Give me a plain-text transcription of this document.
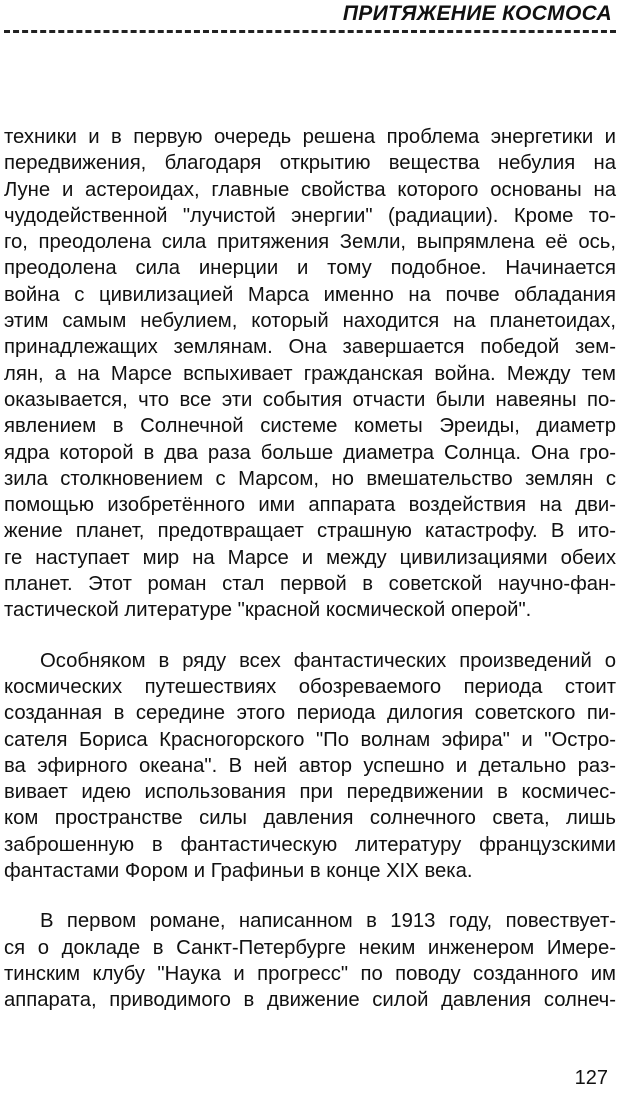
ПРИТЯЖЕНИЕ КОСМОСА
техники и в первую очередь решена проблема энергетики и
передвижения, благодаря открытию вещества небулия на
Луне и астероидах, главные свойства которого основаны на
чудодейственной "лучистой энергии" (радиации). Кроме то-
го, преодолена сила притяжения Земли, выпрямлена её ось,
преодолена сила инерции и тому подобное. Начинается
война с цивилизацией Марса именно на почве обладания
этим самым небулием, который находится на планетоидах,
принадлежащих землянам. Она завершается победой зем-
лян, а на Марсе вспыхивает гражданская война. Между тем
оказывается, что все эти события отчасти были навеяны по-
явлением в Солнечной системе кометы Эреиды, диаметр
ядра которой в два раза больше диаметра Солнца. Она гро-
зила столкновением с Марсом, но вмешательство землян с
помощью изобретённого ими аппарата воздействия на дви-
жение планет, предотвращает страшную катастрофу. В ито-
ге наступает мир на Марсе и между цивилизациями обеих
планет. Этот роман стал первой в советской научно-фан-
тастической литературе "красной космической оперой".
Особняком в ряду всех фантастических произведений о
космических путешествиях обозреваемого периода стоит
созданная в середине этого периода дилогия советского пи-
сателя Бориса Красногорского "По волнам эфира" и "Остро-
ва эфирного океана". В ней автор успешно и детально раз-
вивает идею использования при передвижении в космичес-
ком пространстве силы давления солнечного света, лишь
заброшенную в фантастическую литературу французскими
фантастами Фором и Графиньи в конце XIX века.
В первом романе, написанном в 1913 году, повествует-
ся о докладе в Санкт-Петербурге неким инженером Имере-
тинским клубу "Наука и прогресс" по поводу созданного им
аппарата, приводимого в движение силой давления солнеч-
127
